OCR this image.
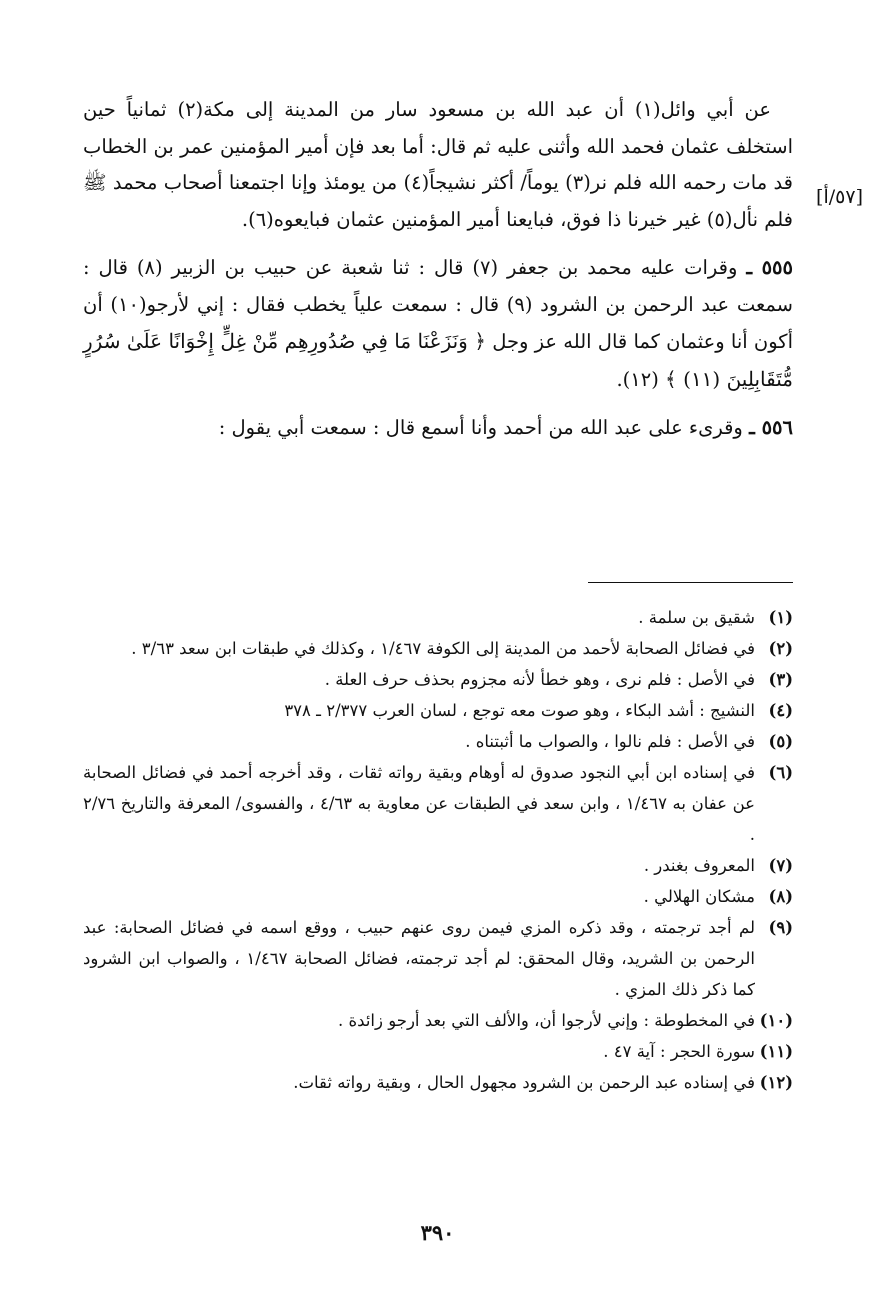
[٥٧/أ]

عن أبي وائل(١) أن عبد الله بن مسعود سار من المدينة إلى مكة(٢) ثمانياً حين استخلف عثمان فحمد الله وأثنى عليه ثم قال: أما بعد فإن أمير المؤمنين عمر بن الخطاب قد مات رحمه الله فلم نر(٣) يوماً/ أكثر نشيجاً(٤) من يومئذ وإنا اجتمعنا أصحاب محمد ﷺ فلم نأل(٥) غير خيرنا ذا فوق، فبايعنا أمير المؤمنين عثمان فبايعوه(٦).

٥٥٥ ـ وقرات عليه محمد بن جعفر (٧) قال : ثنا شعبة عن حبيب بن الزبير (٨) قال : سمعت عبد الرحمن بن الشرود (٩) قال : سمعت علياً يخطب فقال : إني لأرجو(١٠) أن أكون أنا وعثمان كما قال الله عز وجل ﴿ وَنَزَعْنَا مَا فِي صُدُورِهِم مِّنْ غِلٍّ إِخْوَانًا عَلَىٰ سُرُرٍ مُّتَقَابِلِينَ (١١) ﴾ (١٢).

٥٥٦ ـ وقرىء على عبد الله من أحمد وأنا أسمع قال : سمعت أبي يقول :

(١)
شقيق بن سلمة .
(٢)
في فضائل الصحابة لأحمد من المدينة إلى الكوفة ١/٤٦٧ ، وكذلك في طبقات ابن سعد ٣/٦٣ .
(٣)
في الأصل : فلم نرى ، وهو خطأ لأنه مجزوم بحذف حرف العلة .
(٤)
النشيج : أشد البكاء ، وهو صوت معه توجع ، لسان العرب ٢/٣٧٧ ـ ٣٧٨
(٥)
في الأصل : فلم نالوا ، والصواب ما أثبتناه .
(٦)
في إسناده ابن أبي النجود صدوق له أوهام وبقية رواته ثقات ، وقد أخرجه أحمد في فضائل الصحابة عن عفان به ١/٤٦٧ ، وابن سعد في الطبقات عن معاوية به ٤/٦٣ ، والفسوى/ المعرفة والتاريخ ٢/٧٦ .
(٧)
المعروف بغندر .
(٨)
مشكان الهلالي .
(٩)
لم أجد ترجمته ، وقد ذكره المزي فيمن روى عنهم حبيب ، ووقع اسمه في فضائل الصحابة: عبد الرحمن بن الشريد، وقال المحقق: لم أجد ترجمته، فضائل الصحابة ١/٤٦٧ ، والصواب ابن الشرود كما ذكر ذلك المزي .
(١٠)
في المخطوطة : وإني لأرجوا أن، والألف التي بعد أرجو زائدة .
(١١)
سورة الحجر : آية ٤٧ .
(١٢)
في إسناده عبد الرحمن بن الشرود مجهول الحال ، وبقية رواته ثقات.
٣٩٠
